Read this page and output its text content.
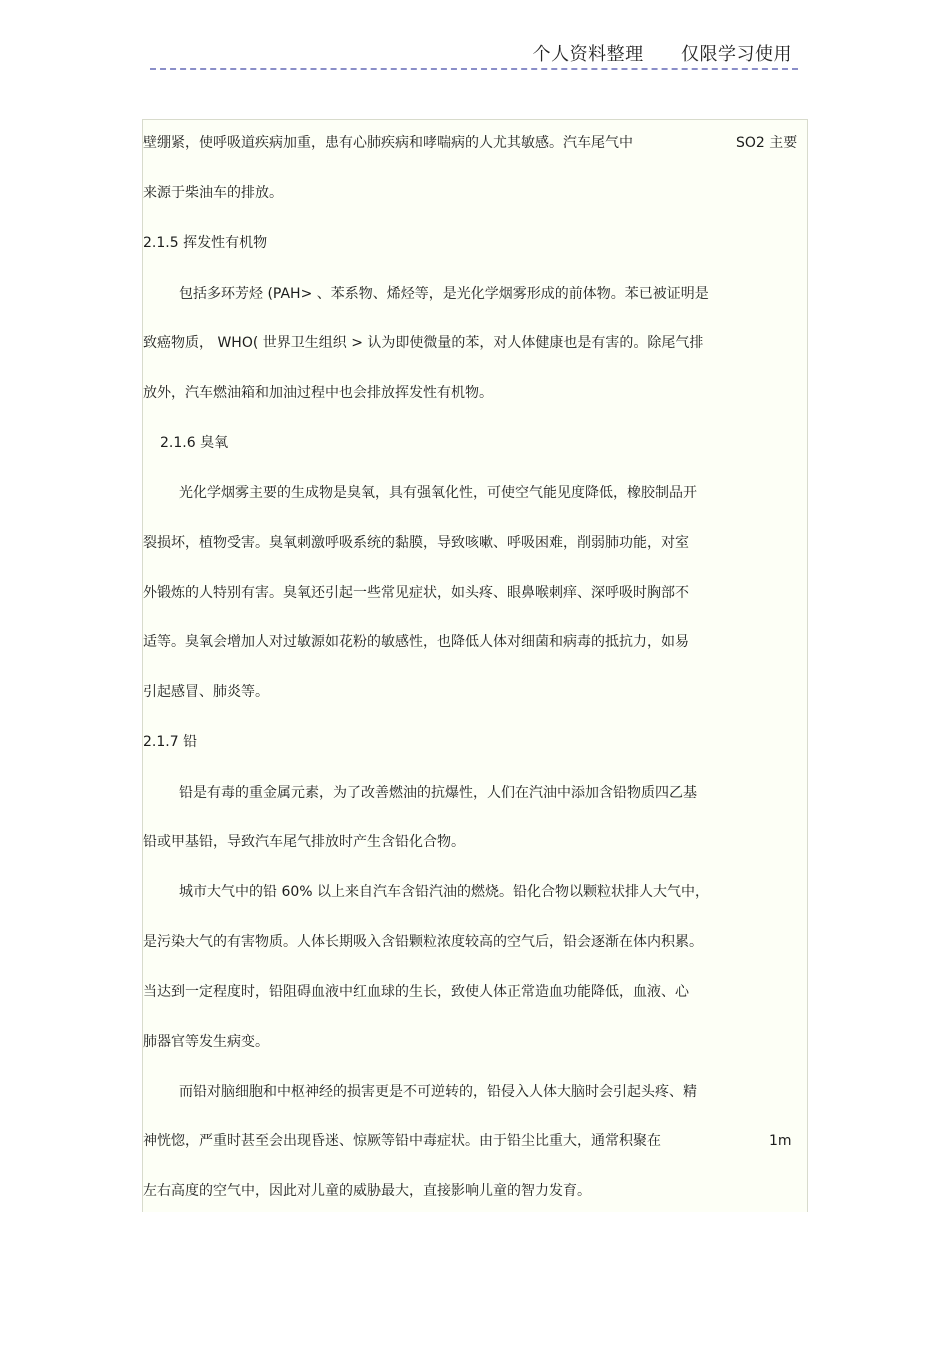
个人资料整理      仅限学习使用
壁绷紧，使呼吸道疾病加重，患有心肺疾病和哮喘病的人尤其敏感。汽车尾气中	SO2 主要
来源于柴油车的排放。
2.1.5 挥发性有机物
包括多环芳烃 (PAH> 、苯系物、烯烃等，是光化学烟雾形成的前体物。苯已被证明是
致癌物质， WHO( 世界卫生组织 > 认为即使微量的苯，对人体健康也是有害的。除尾气排
放外，汽车燃油箱和加油过程中也会排放挥发性有机物。
2.1.6 臭氧
光化学烟雾主要的生成物是臭氧，具有强氧化性，可使空气能见度降低，橡胶制品开
裂损坏，植物受害。臭氧刺激呼吸系统的黏膜，导致咳嗽、呼吸困难，削弱肺功能，对室
外锻炼的人特别有害。臭氧还引起一些常见症状，如头疼、眼鼻喉刺痒、深呼吸时胸部不
适等。臭氧会增加人对过敏源如花粉的敏感性，也降低人体对细菌和病毒的抵抗力，如易
引起感冒、肺炎等。
2.1.7 铅
铅是有毒的重金属元素，为了改善燃油的抗爆性，人们在汽油中添加含铅物质四乙基
铅或甲基铅，导致汽车尾气排放时产生含铅化合物。
城市大气中的铅 60% 以上来自汽车含铅汽油的燃烧。铅化合物以颗粒状排人大气中，
是污染大气的有害物质。人体长期吸入含铅颗粒浓度较高的空气后，铅会逐渐在体内积累。
当达到一定程度时，铅阻碍血液中红血球的生长，致使人体正常造血功能降低，血液、心
肺器官等发生病变。
而铅对脑细胞和中枢神经的损害更是不可逆转的，铅侵入人体大脑时会引起头疼、精
神恍惚，严重时甚至会出现昏迷、惊厥等铅中毒症状。由于铅尘比重大，通常积聚在	1m
左右高度的空气中，因此对儿童的威胁最大，直接影响儿童的智力发育。
